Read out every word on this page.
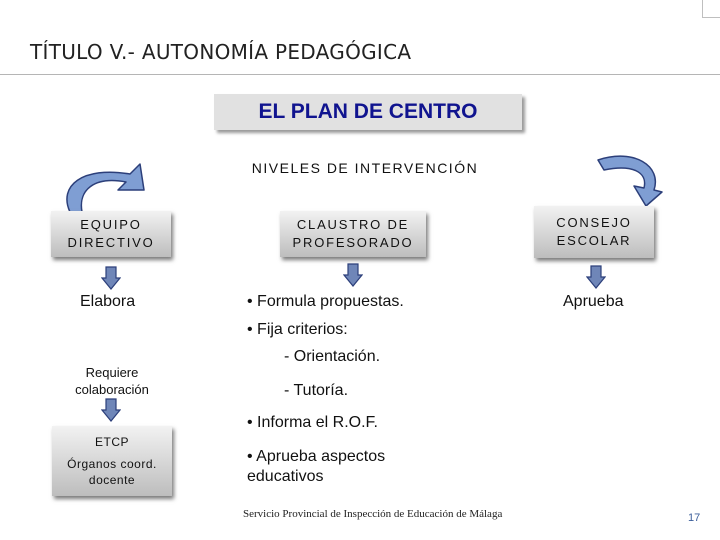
TÍTULO V.- AUTONOMÍA PEDAGÓGICA
EL PLAN DE CENTRO
NIVELES DE INTERVENCIÓN
EQUIPO
DIRECTIVO
CLAUSTRO DE
PROFESORADO
CONSEJO
ESCOLAR
Elabora
Requiere
colaboración
ETCP
Órganos coord.
docente
• Formula propuestas.
• Fija criterios:
- Orientación.
- Tutoría.
• Informa el R.O.F.
• Aprueba aspectos
educativos
Aprueba
Servicio Provincial de Inspección de Educación de Málaga	17
